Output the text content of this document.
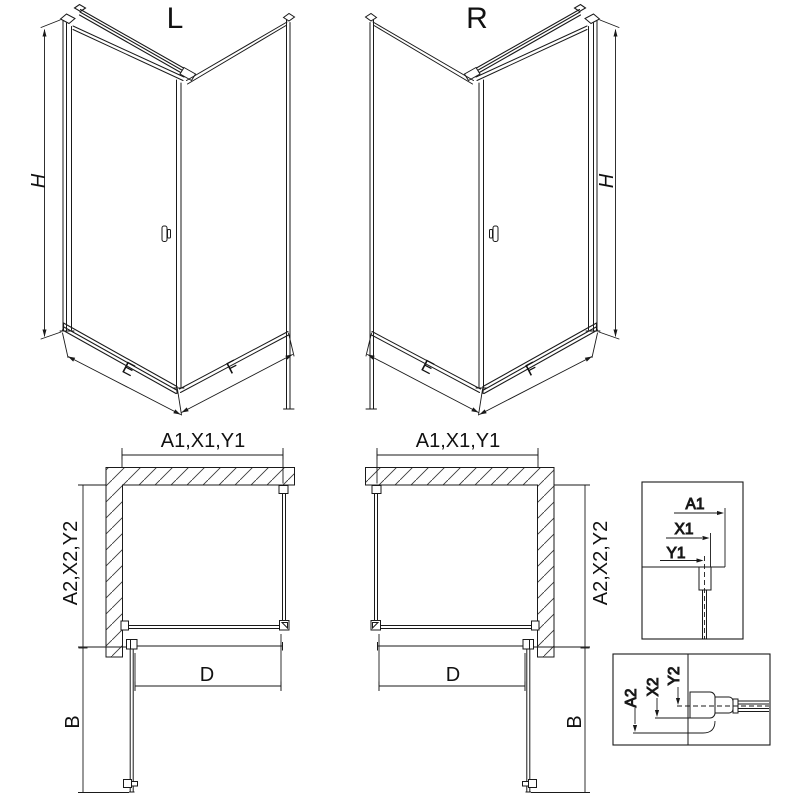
L
H
E	F
R
H
F
E
A1,X1,Y1
A2,X2,Y2
D
B
A1,X1,Y1
A2,X2,Y2
D
B
A1
X1
Y1
A2
X2
Y2
